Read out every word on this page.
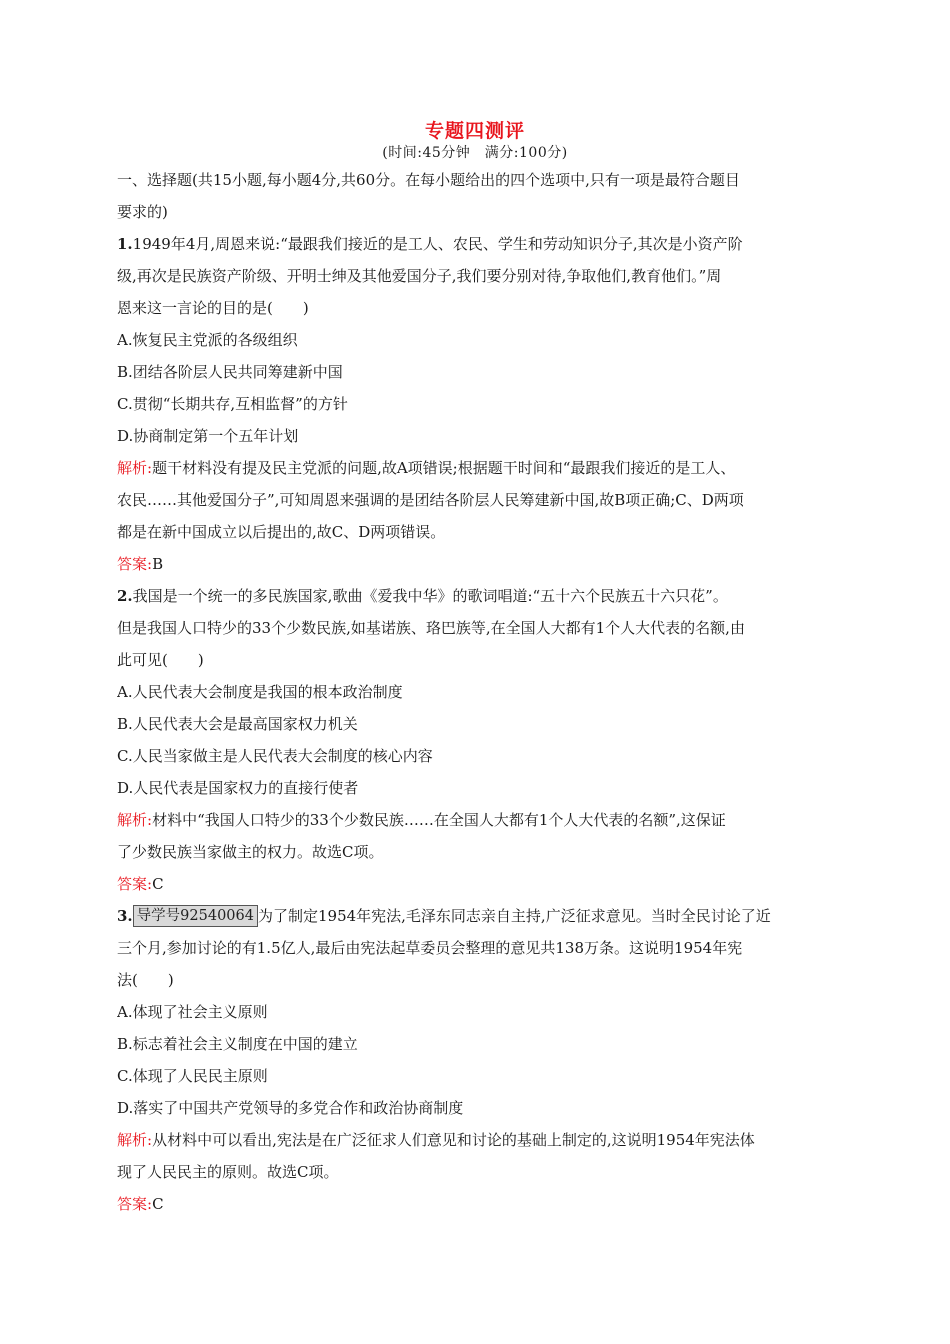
专题四测评
(时间:45分钟　满分:100分)
一、选择题(共15小题,每小题4分,共60分。在每小题给出的四个选项中,只有一项是最符合题目
要求的)
1.1949年4月,周恩来说:“最跟我们接近的是工人、农民、学生和劳动知识分子,其次是小资产阶
级,再次是民族资产阶级、开明士绅及其他爱国分子,我们要分别对待,争取他们,教育他们。”周
恩来这一言论的目的是(　　)
A.恢复民主党派的各级组织
B.团结各阶层人民共同筹建新中国
C.贯彻“长期共存,互相监督”的方针
D.协商制定第一个五年计划
解析:题干材料没有提及民主党派的问题,故A项错误;根据题干时间和“最跟我们接近的是工人、
农民……其他爱国分子”,可知周恩来强调的是团结各阶层人民筹建新中国,故B项正确;C、D两项
都是在新中国成立以后提出的,故C、D两项错误。
答案:B
2.我国是一个统一的多民族国家,歌曲《爱我中华》的歌词唱道:“五十六个民族五十六只花”。
但是我国人口特少的33个少数民族,如基诺族、珞巴族等,在全国人大都有1个人大代表的名额,由
此可见(　　)
A.人民代表大会制度是我国的根本政治制度
B.人民代表大会是最高国家权力机关
C.人民当家做主是人民代表大会制度的核心内容
D.人民代表是国家权力的直接行使者
解析:材料中“我国人口特少的33个少数民族……在全国人大都有1个人大代表的名额”,这保证
了少数民族当家做主的权力。故选C项。
答案:C
3. 导学号92540064 为了制定1954年宪法,毛泽东同志亲自主持,广泛征求意见。当时全民讨论了近
三个月,参加讨论的有1.5亿人,最后由宪法起草委员会整理的意见共138万条。这说明1954年宪
法(　　)
A.体现了社会主义原则
B.标志着社会主义制度在中国的建立
C.体现了人民民主原则
D.落实了中国共产党领导的多党合作和政治协商制度
解析:从材料中可以看出,宪法是在广泛征求人们意见和讨论的基础上制定的,这说明1954年宪法体
现了人民民主的原则。故选C项。
答案:C
